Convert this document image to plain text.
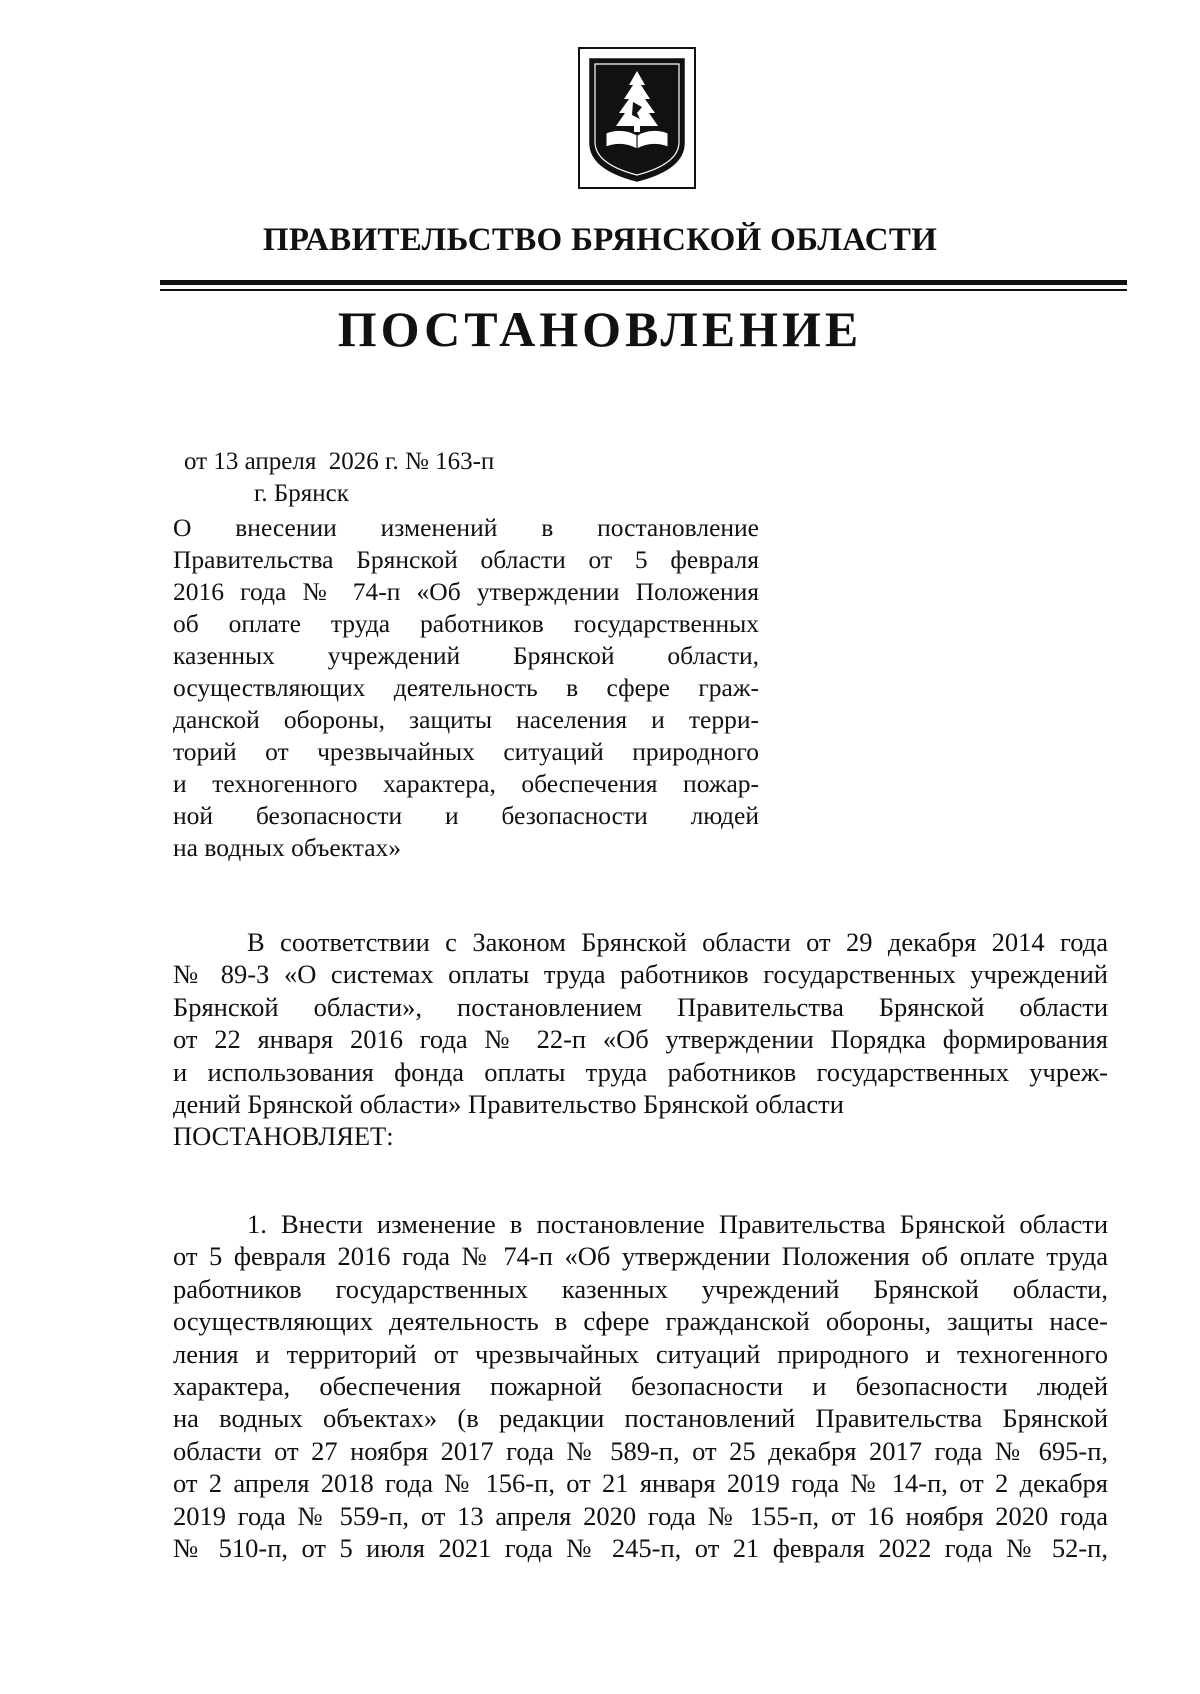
ПРАВИТЕЛЬСТВО БРЯНСКОЙ ОБЛАСТИ
ПОСТАНОВЛЕНИЕ
от 13 апреля  2026 г. № 163-п
г. Брянск
О внесении изменений в постановление
Правительства Брянской области от 5 февраля
2016 года № 74-п «Об утверждении Положения
об оплате труда работников государственных
казенных учреждений Брянской области,
осуществляющих деятельность в сфере граж-
данской обороны, защиты населения и терри-
торий от чрезвычайных ситуаций природного
и техногенного характера, обеспечения пожар-
ной безопасности и безопасности людей
на водных объектах»
В соответствии с Законом Брянской области от 29 декабря 2014 года
№ 89-З «О системах оплаты труда работников государственных учреждений
Брянской области», постановлением Правительства Брянской области
от 22 января 2016 года № 22-п «Об утверждении Порядка формирования
и использования фонда оплаты труда работников государственных учреж-
дений Брянской области» Правительство Брянской области
ПОСТАНОВЛЯЕТ:
1. Внести изменение в постановление Правительства Брянской области
от 5 февраля 2016 года № 74-п «Об утверждении Положения об оплате труда
работников государственных казенных учреждений Брянской области,
осуществляющих деятельность в сфере гражданской обороны, защиты насе-
ления и территорий от чрезвычайных ситуаций природного и техногенного
характера, обеспечения пожарной безопасности и безопасности людей
на водных объектах» (в редакции постановлений Правительства Брянской
области от 27 ноября 2017 года № 589-п, от 25 декабря 2017 года № 695-п,
от 2 апреля 2018 года № 156-п, от 21 января 2019 года № 14-п, от 2 декабря
2019 года № 559-п, от 13 апреля 2020 года № 155-п, от 16 ноября 2020 года
№ 510-п, от 5 июля 2021 года № 245-п, от 21 февраля 2022 года № 52-п,
